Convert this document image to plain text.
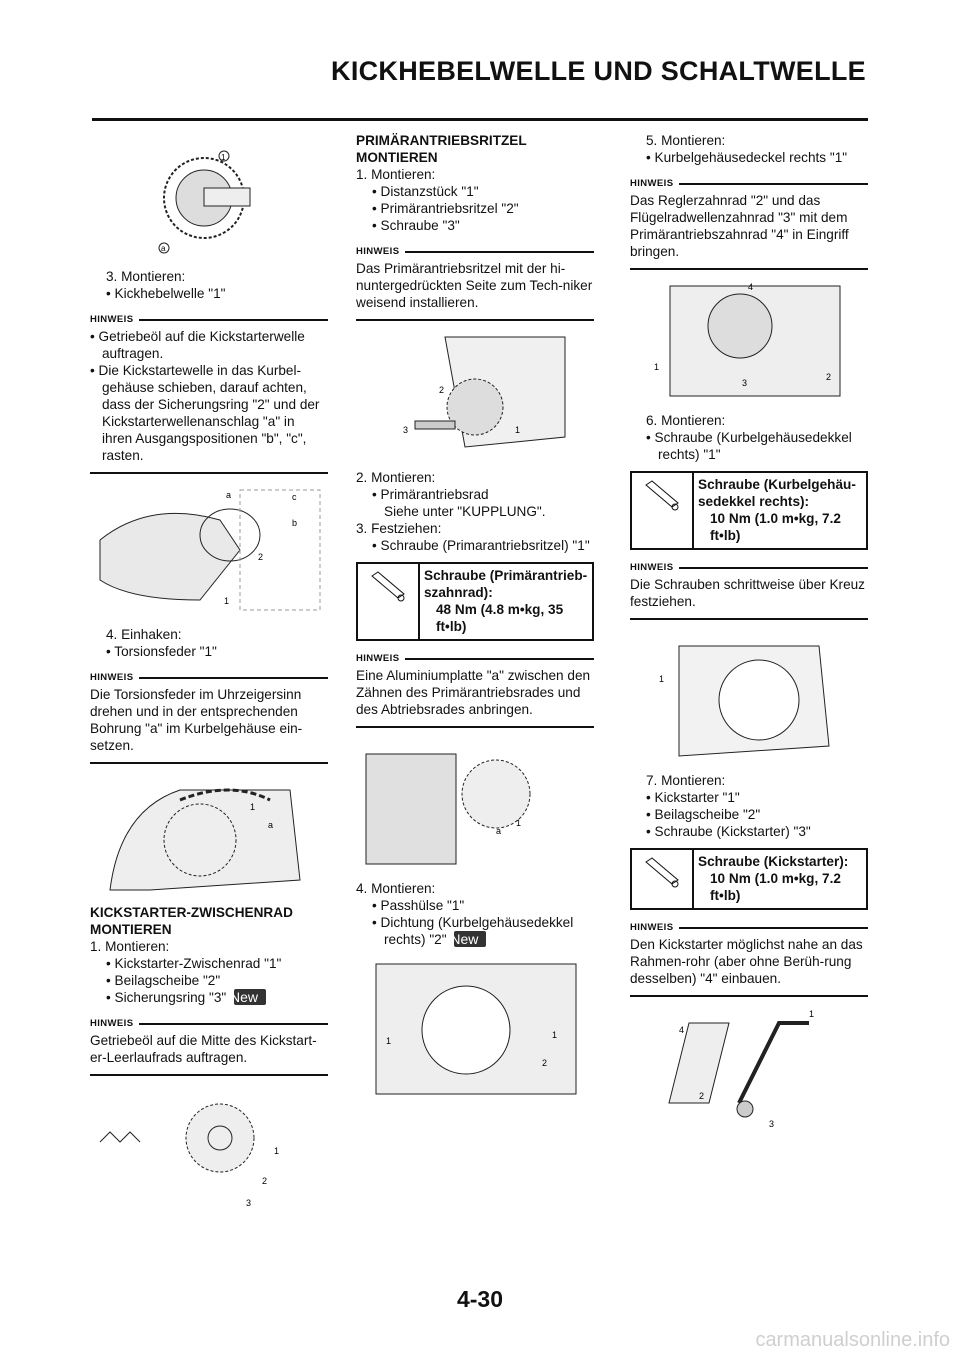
KICKHEBELWELLE UND SCHALTWELLE
1
a

3. Montieren:

• Kickhebelwelle "1"

HINWEIS

• Getriebeöl auf die Kickstarterwelle auftragen.

• Die Kickstartewelle in das Kurbel-gehäuse schieben, darauf achten, dass der Sicherungsring "2" und der Kickstarterwellenanschlag "a" in ihren Ausgangspositionen "b", "c", rasten.

a	c
b
2
1

4. Einhaken:

• Torsionsfeder "1"

HINWEIS

Die Torsionsfeder im Uhrzeigersinn drehen und in der entsprechenden Bohrung "a" im Kurbelgehäuse ein-setzen.

1
a

KICKSTARTER-ZWISCHENRAD MONTIEREN

1. Montieren:

• Kickstarter-Zwischenrad "1"

• Beilagscheibe "2"

• Sicherungsring "3" New

HINWEIS

Getriebeöl auf die Mitte des Kickstart-er-Leerlaufrads auftragen.

1
2
3

PRIMÄRANTRIEBSRITZEL MONTIEREN

1. Montieren:

• Distanzstück "1"

• Primärantriebsritzel "2"

• Schraube "3"

HINWEIS

Das Primärantriebsritzel mit der hi-nuntergedrückten Seite zum Tech-niker weisend installieren.

2
3	1

2. Montieren:

• Primärantriebsrad

Siehe unter "KUPPLUNG".

3. Festziehen:

• Schraube (Primarantriebsritzel) "1"

Schraube (Primärantrieb-szahnrad):
48 Nm (4.8 m•kg, 35 ft•lb)
HINWEIS

Eine Aluminiumplatte "a" zwischen den Zähnen des Primärantriebsrades und des Abtriebsrades anbringen.

a
1

4. Montieren:

• Passhülse "1"

• Dichtung (Kurbelgehäusedekkel rechts) "2" New

1
1
2

5. Montieren:

• Kurbelgehäusedeckel rechts "1"

HINWEIS

Das Reglerzahnrad "2" und das Flügelradwellenzahnrad "3" mit dem Primärantriebszahnrad "4" in Eingriff bringen.

4
1
3
2

6. Montieren:

• Schraube (Kurbelgehäusedekkel rechts) "1"

Schraube (Kurbelgehäu-sedekkel rechts):
10 Nm (1.0 m•kg, 7.2 ft•lb)
HINWEIS

Die Schrauben schrittweise über Kreuz festziehen.

1

7. Montieren:

• Kickstarter "1"

• Beilagscheibe "2"

• Schraube (Kickstarter) "3"

Schraube (Kickstarter):
10 Nm (1.0 m•kg, 7.2 ft•lb)
HINWEIS

Den Kickstarter möglichst nahe an das Rahmen-rohr (aber ohne Berüh-rung desselben) "4" einbauen.

4
1
2
3
4-30
carmanualsonline.info
